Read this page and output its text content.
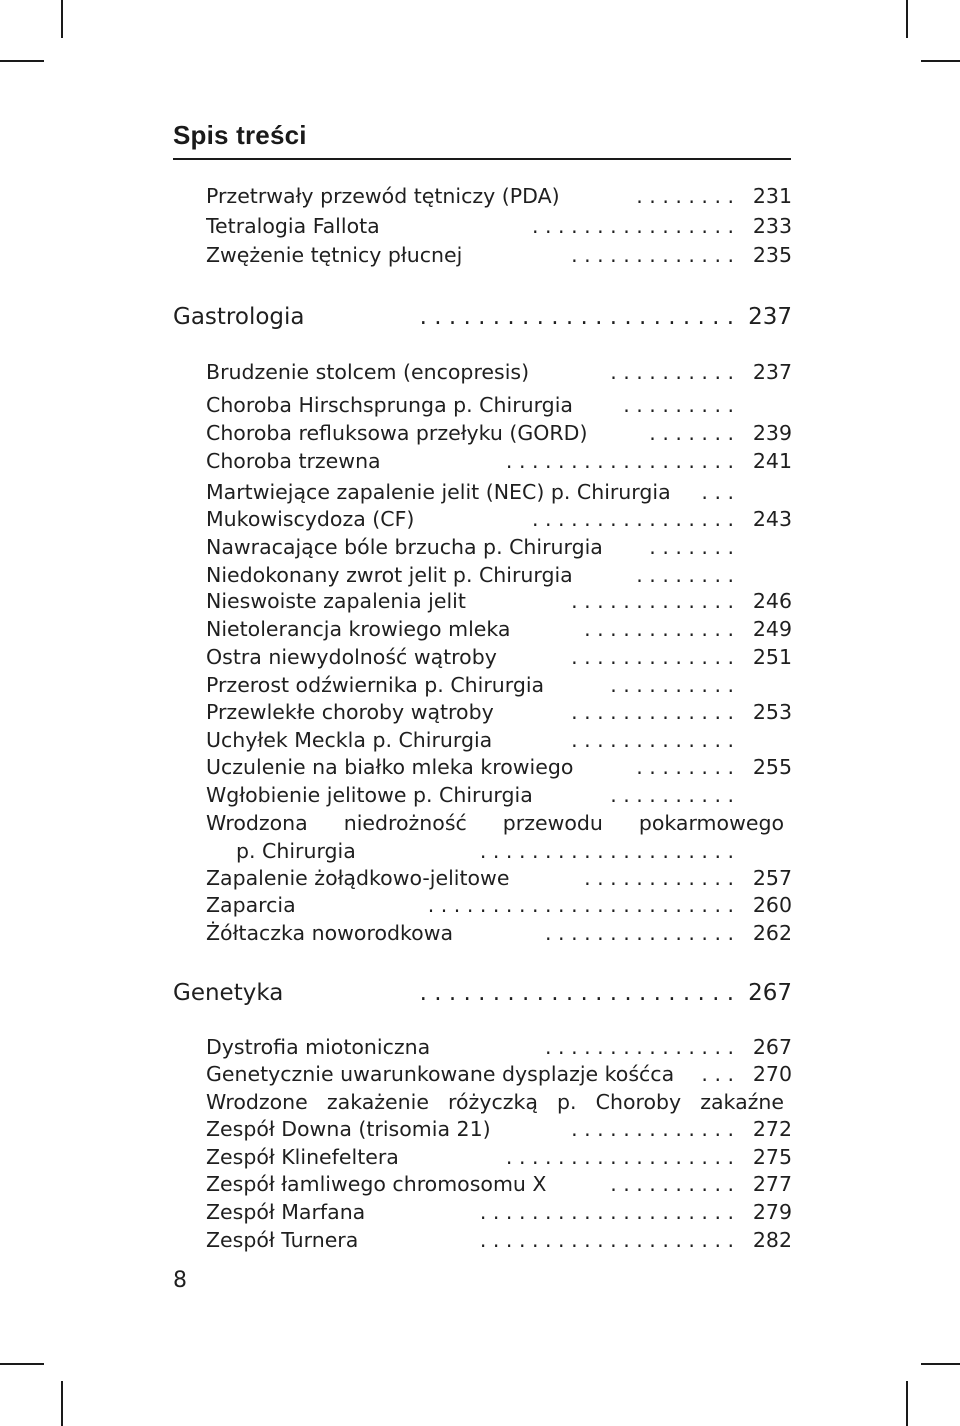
Spis treści
Przetrwały przewód tętniczy (PDA)	. . . . . . . . 231
Tetralogia Fallota	. . . . . . . . . . . . . . . . 233
Zwężenie tętnicy płucnej	. . . . . . . . . . . . . 235
Gastrologia	. . . . . . . . . . . . . . . . . . . . . . 237
Brudzenie stolcem (encopresis)	. . . . . . . . . . 237
Choroba Hirschsprunga p. Chirurgia	. . . . . . . . .
Choroba refluksowa przełyku (GORD)	. . . . . . . 239
Choroba trzewna	. . . . . . . . . . . . . . . . . . 241
Martwiejące zapalenie jelit (NEC) p. Chirurgia	. . .
Mukowiscydoza (CF)	. . . . . . . . . . . . . . . . 243
Nawracające bóle brzucha p. Chirurgia	. . . . . . .
Niedokonany zwrot jelit p. Chirurgia	. . . . . . . .
Nieswoiste zapalenia jelit	. . . . . . . . . . . . . 246
Nietolerancja krowiego mleka	. . . . . . . . . . . . 249
Ostra niewydolność wątroby	. . . . . . . . . . . . . 251
Przerost odźwiernika p. Chirurgia	. . . . . . . . . .
Przewlekłe choroby wątroby	. . . . . . . . . . . . . 253
Uchyłek Meckla p. Chirurgia	. . . . . . . . . . . . .
Uczulenie na białko mleka krowiego	. . . . . . . . 255
Wgłobienie jelitowe p. Chirurgia	. . . . . . . . . .
Wrodzona niedrożność przewodu pokarmowego
p. Chirurgia	. . . . . . . . . . . . . . . . . . . .
Zapalenie żołądkowo-jelitowe	. . . . . . . . . . . . 257
Zaparcia	. . . . . . . . . . . . . . . . . . . . . . . . 260
Żółtaczka noworodkowa	. . . . . . . . . . . . . . . 262
Genetyka	. . . . . . . . . . . . . . . . . . . . . . 267
Dystrofia miotoniczna	. . . . . . . . . . . . . . . 267
Genetycznie uwarunkowane dysplazje kośćca	. . . 270
Wrodzone zakażenie różyczką p. Choroby zakaźne
Zespół Downa (trisomia 21)	. . . . . . . . . . . . . 272
Zespół Klinefeltera	. . . . . . . . . . . . . . . . . . 275
Zespół łamliwego chromosomu X	. . . . . . . . . . 277
Zespół Marfana	. . . . . . . . . . . . . . . . . . . . 279
Zespół Turnera	. . . . . . . . . . . . . . . . . . . . 282
8
